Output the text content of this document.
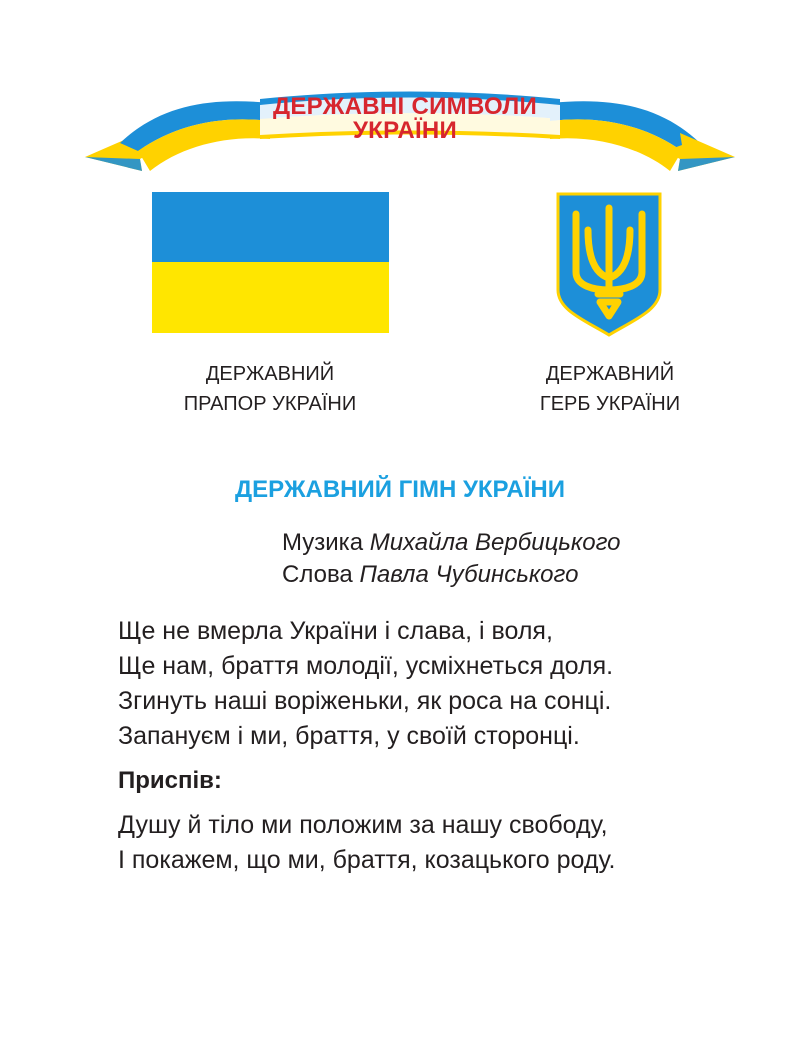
ДЕРЖАВНІ СИМВОЛИ
УКРАЇНИ
ДЕРЖАВНИЙ
ПРАПОР УКРАЇНИ
ДЕРЖАВНИЙ
ГЕРБ УКРАЇНИ
ДЕРЖАВНИЙ ГІМН УКРАЇНИ
Музика Михайла Вербицького
Слова Павла Чубинського
Ще не вмерла України і слава, і воля,
Ще нам, браття молодії, усміхнеться доля.
Згинуть наші воріженьки, як роса на сонці.
Запануєм і ми, браття, у своїй сторонці.
Приспів:
Душу й тіло ми положим за нашу свободу,
І покажем, що ми, браття, козацького роду.
